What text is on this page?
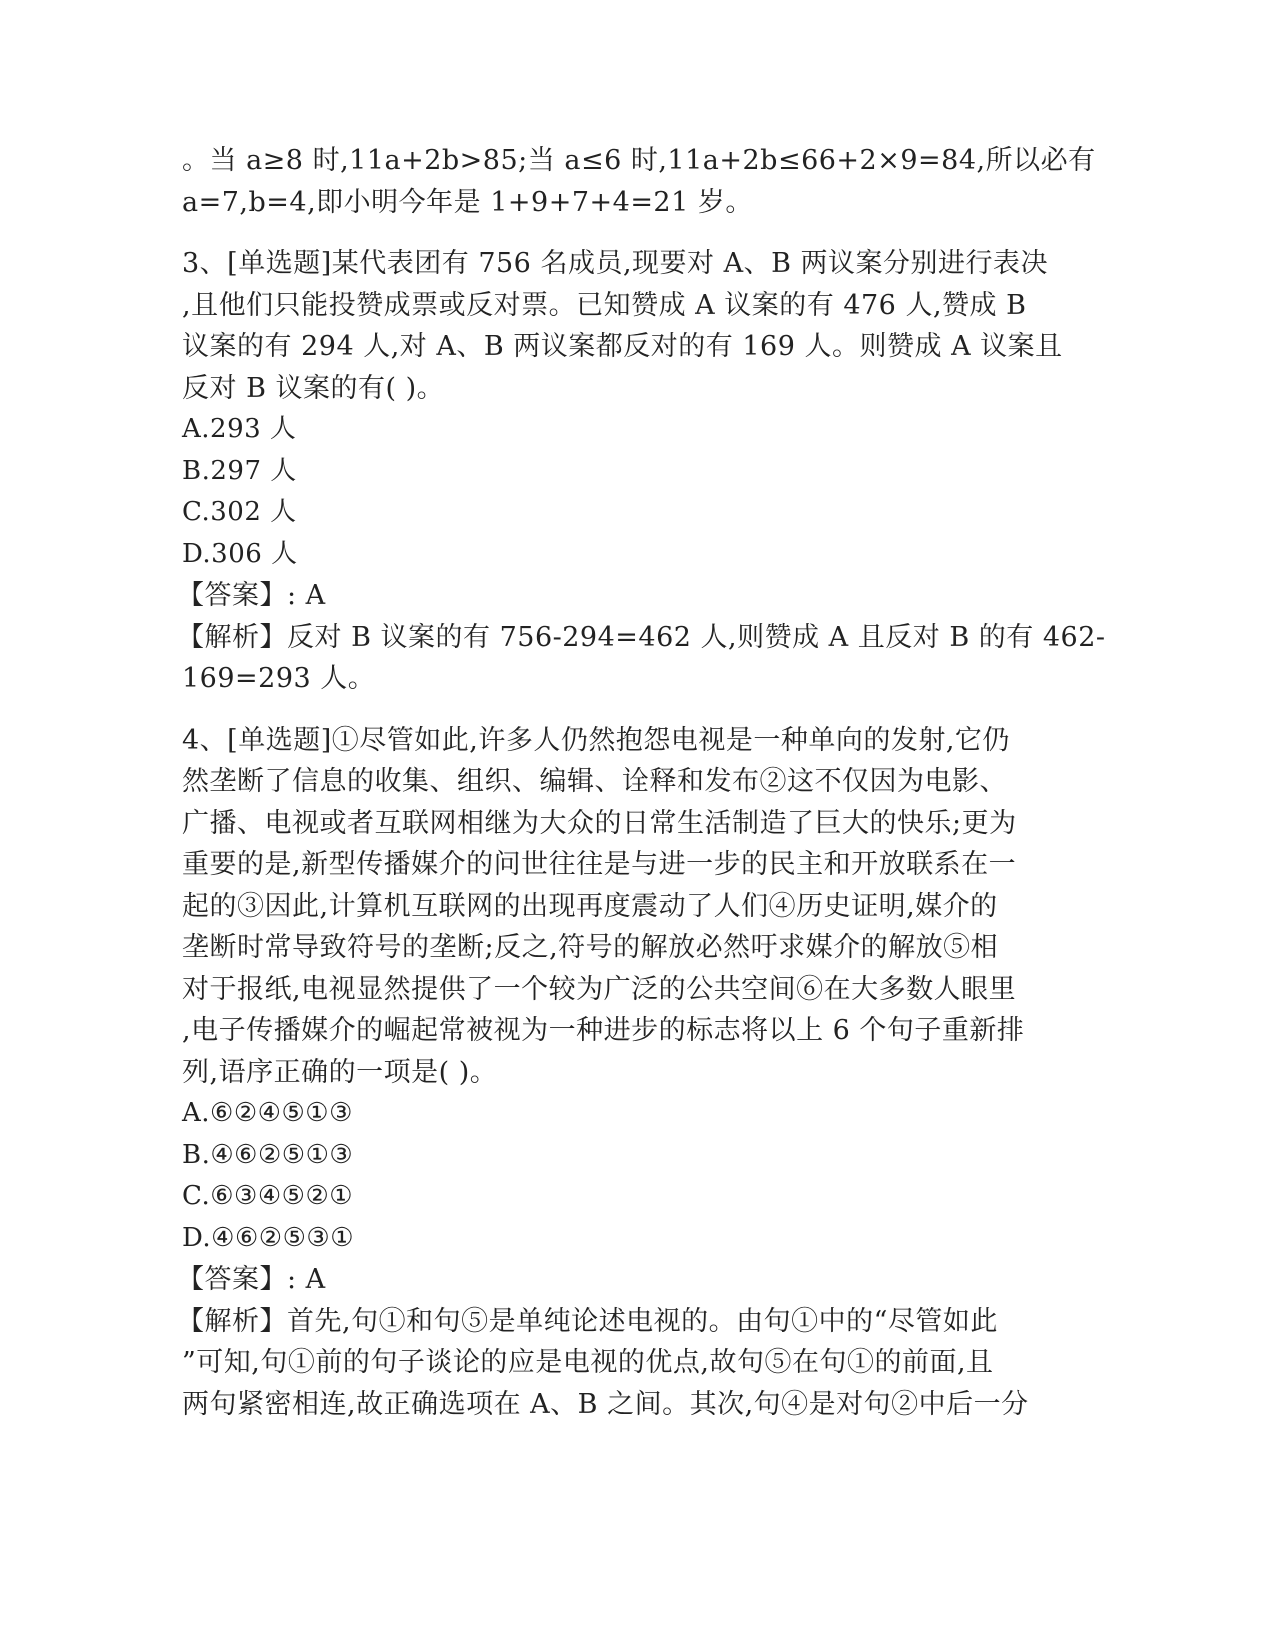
。当 a≥8 时,11a+2b>85;当 a≤6 时,11a+2b≤66+2×9=84,所以必有
a=7,b=4,即小明今年是 1+9+7+4=21 岁。
3、[单选题]某代表团有 756 名成员,现要对 A、B 两议案分别进行表决
,且他们只能投赞成票或反对票。已知赞成 A 议案的有 476 人,赞成 B
议案的有 294 人,对 A、B 两议案都反对的有 169 人。则赞成 A 议案且
反对 B 议案的有( )。
A.293 人
B.297 人
C.302 人
D.306 人
【答案】: A
【解析】反对 B 议案的有 756-294=462 人,则赞成 A 且反对 B 的有 462-
169=293 人。
4、[单选题]①尽管如此,许多人仍然抱怨电视是一种单向的发射,它仍
然垄断了信息的收集、组织、编辑、诠释和发布②这不仅因为电影、
广播、电视或者互联网相继为大众的日常生活制造了巨大的快乐;更为
重要的是,新型传播媒介的问世往往是与进一步的民主和开放联系在一
起的③因此,计算机互联网的出现再度震动了人们④历史证明,媒介的
垄断时常导致符号的垄断;反之,符号的解放必然吁求媒介的解放⑤相
对于报纸,电视显然提供了一个较为广泛的公共空间⑥在大多数人眼里
,电子传播媒介的崛起常被视为一种进步的标志将以上 6 个句子重新排
列,语序正确的一项是( )。
A.⑥②④⑤①③
B.④⑥②⑤①③
C.⑥③④⑤②①
D.④⑥②⑤③①
【答案】: A
【解析】首先,句①和句⑤是单纯论述电视的。由句①中的“尽管如此
”可知,句①前的句子谈论的应是电视的优点,故句⑤在句①的前面,且
两句紧密相连,故正确选项在 A、B 之间。其次,句④是对句②中后一分
